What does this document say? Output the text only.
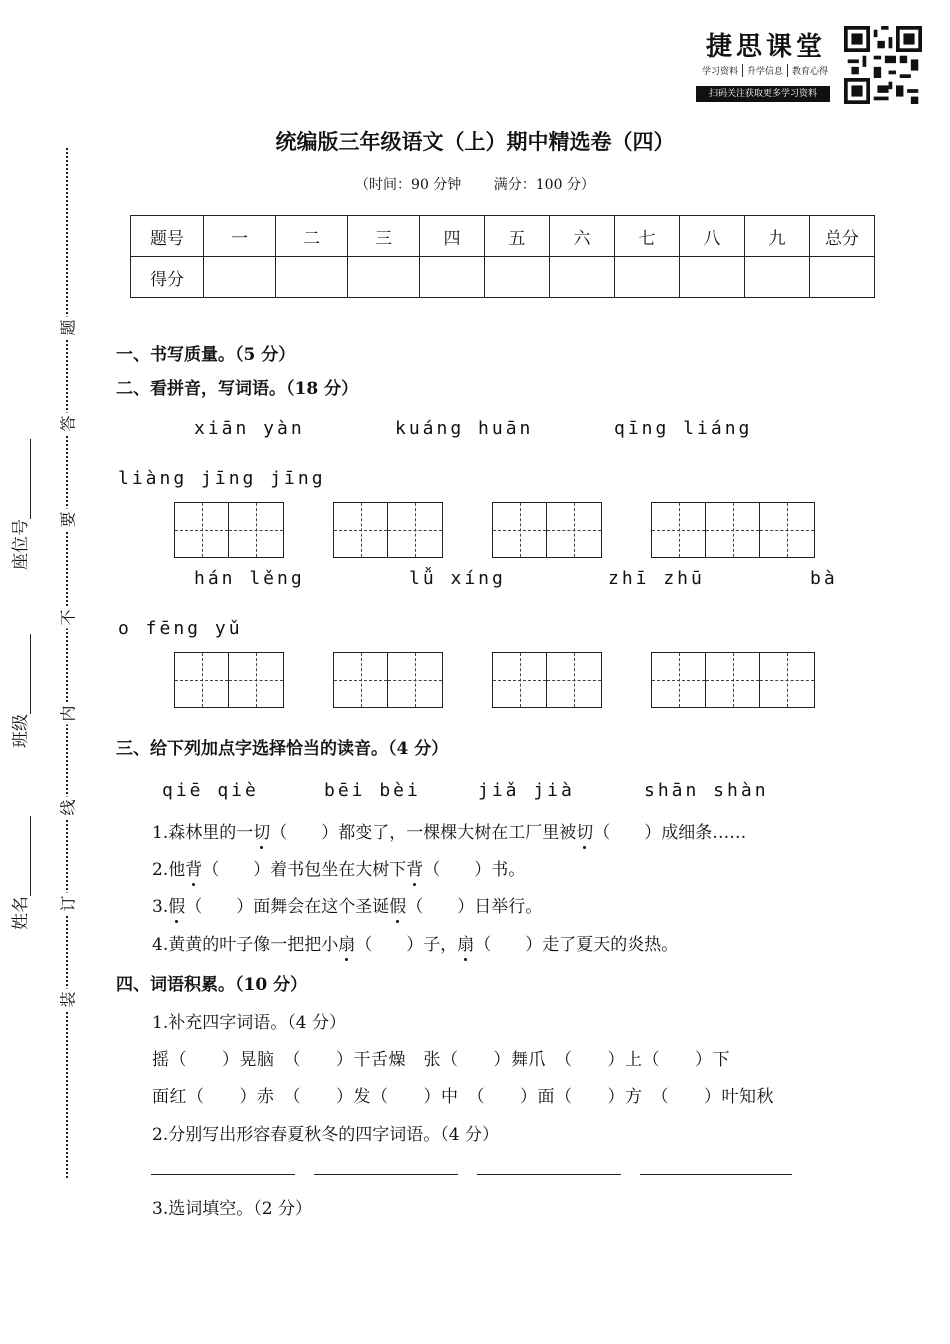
捷思课堂
学习资料	升学信息	教育心得
扫码关注获取更多学习资料
统编版三年级语文（上）期中精选卷（四）
（时间：90 分钟 满分：100 分）
题号	一	二	三	四	五	六	七	八	九	总分
得分										
题
答
要
不
内
线
订
装
座位号
班级
姓名
一、书写质量。（5 分）
二、看拼音，写词语。（18 分）
xiān yàn	kuáng huān	qīng liáng
liàng jīng jīng
hán lěng	lǚ xíng	zhī zhū	bà
o fēng yǔ
三、给下列加点字选择恰当的读音。（4 分）
qiē qiè	bēi bèi	jiǎ jià	shān shàn
1.森林里的一切（　　）都变了，一棵棵大树在工厂里被切（　　）成细条……
2.他背（　　）着书包坐在大树下背（　　）书。
3.假（　　）面舞会在这个圣诞假（　　）日举行。
4.黄黄的叶子像一把把小扇（　　）子，扇（　　）走了夏天的炎热。
四、词语积累。（10 分）
1.补充四字词语。（4 分）
摇（　　）晃脑　（　　）干舌燥　张（　　）舞爪　（　　）上（　　）下
面红（　　）赤　（　　）发（　　）中　（　　）面（　　）方　（　　）叶知秋
2.分别写出形容春夏秋冬的四字词语。（4 分）
3.选词填空。（2 分）
